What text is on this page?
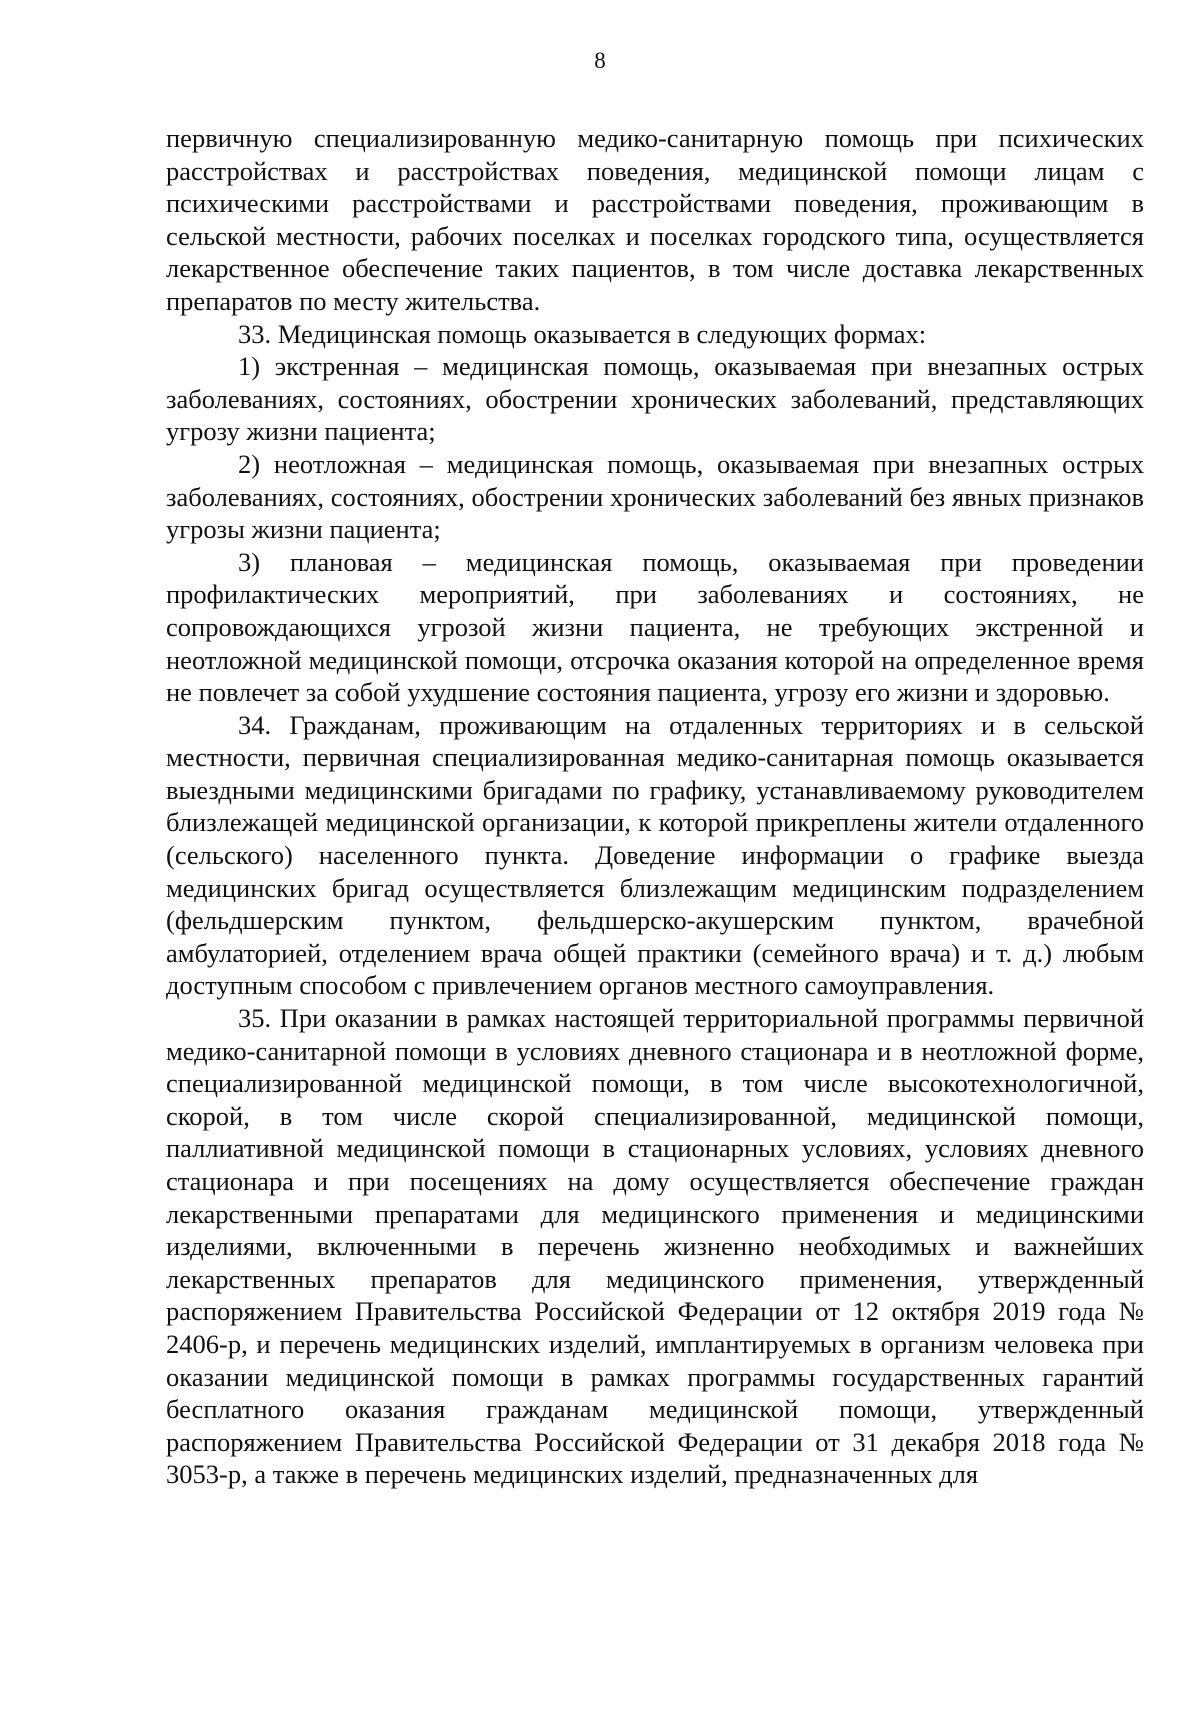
8

первичную специализированную медико-санитарную помощь при психических расстройствах и расстройствах поведения, медицинской помощи лицам с психическими расстройствами и расстройствами поведения, проживающим в сельской местности, рабочих поселках и поселках городского типа, осуществляется лекарственное обеспечение таких пациентов, в том числе доставка лекарственных препаратов по месту жительства.

33. Медицинская помощь оказывается в следующих формах:

1) экстренная – медицинская помощь, оказываемая при внезапных острых заболеваниях, состояниях, обострении хронических заболеваний, представляющих угрозу жизни пациента;

2) неотложная – медицинская помощь, оказываемая при внезапных острых заболеваниях, состояниях, обострении хронических заболеваний без явных признаков угрозы жизни пациента;

3) плановая – медицинская помощь, оказываемая при проведении профилактических мероприятий, при заболеваниях и состояниях, не сопровождающихся угрозой жизни пациента, не требующих экстренной и неотложной медицинской помощи, отсрочка оказания которой на определенное время не повлечет за собой ухудшение состояния пациента, угрозу его жизни и здоровью.

34. Гражданам, проживающим на отдаленных территориях и в сельской местности, первичная специализированная медико-санитарная помощь оказывается выездными медицинскими бригадами по графику, устанавливаемому руководителем близлежащей медицинской организации, к которой прикреплены жители отдаленного (сельского) населенного пункта. Доведение информации о графике выезда медицинских бригад осуществляется близлежащим медицинским подразделением (фельдшерским пунктом, фельдшерско-акушерским пунктом, врачебной амбулаторией, отделением врача общей практики (семейного врача) и т. д.) любым доступным способом с привлечением органов местного самоуправления.

35. При оказании в рамках настоящей территориальной программы первичной медико-санитарной помощи в условиях дневного стационара и в неотложной форме, специализированной медицинской помощи, в том числе высокотехнологичной, скорой, в том числе скорой специализированной, медицинской помощи, паллиативной медицинской помощи в стационарных условиях, условиях дневного стационара и при посещениях на дому осуществляется обеспечение граждан лекарственными препаратами для медицинского применения и медицинскими изделиями, включенными в перечень жизненно необходимых и важнейших лекарственных препаратов для медицинского применения, утвержденный распоряжением Правительства Российской Федерации от 12 октября 2019 года № 2406-р, и перечень медицинских изделий, имплантируемых в организм человека при оказании медицинской помощи в рамках программы государственных гарантий бесплатного оказания гражданам медицинской помощи, утвержденный распоряжением Правительства Российской Федерации от 31 декабря 2018 года № 3053-р, а также в перечень медицинских изделий, предназначенных для
